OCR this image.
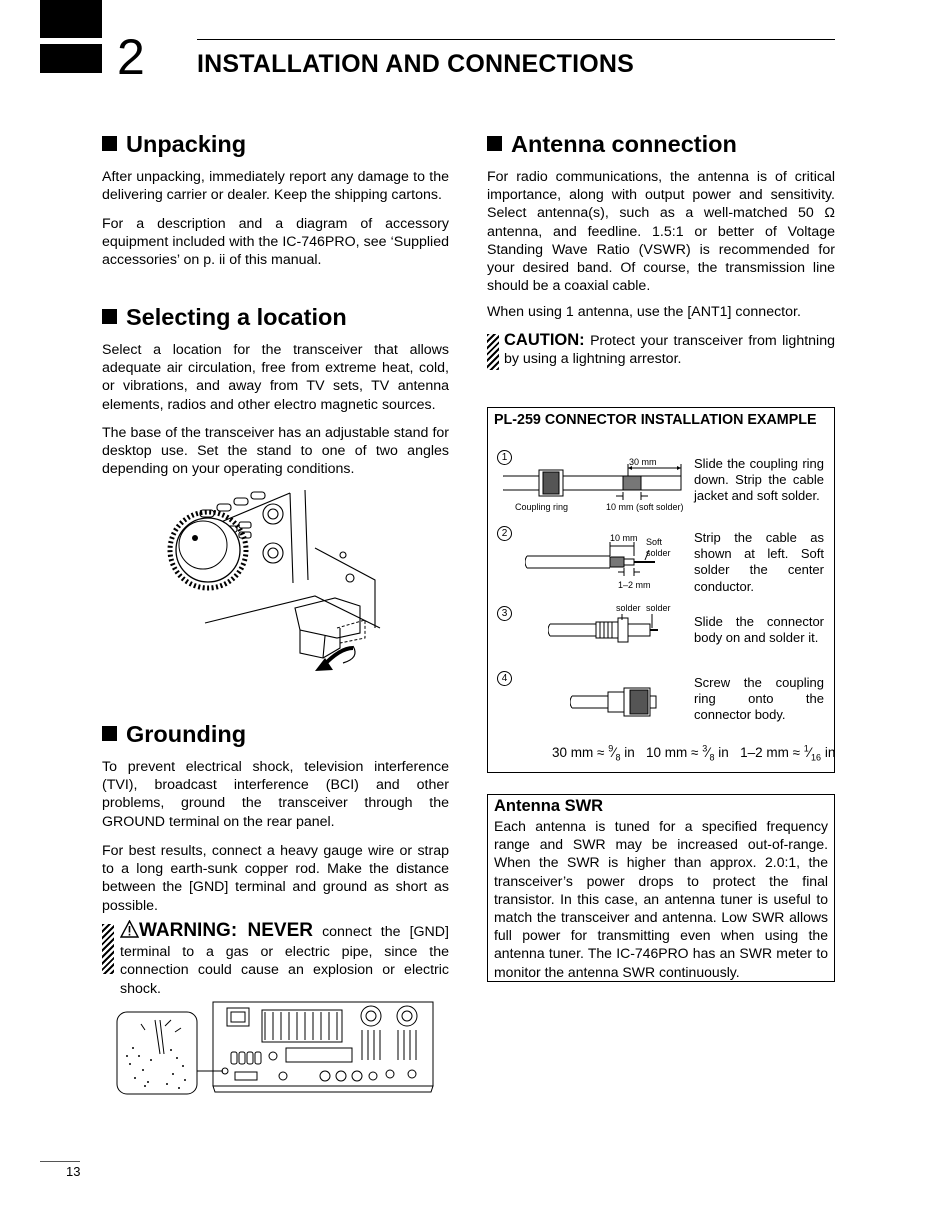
2 INSTALLATION AND CONNECTIONS
Unpacking
After unpacking, immediately report any damage to the delivering carrier or dealer. Keep the shipping cartons.
For a description and a diagram of accessory equipment included with the IC-746PRO, see ‘Supplied accessories’ on p. ii of this manual.
Selecting a location
Select a location for the transceiver that allows adequate air circulation, free from extreme heat, cold, or vibrations, and away from TV sets, TV antenna elements, radios and other electro magnetic sources.
The base of the transceiver has an adjustable stand for desktop use. Set the stand to one of two angles depending on your operating conditions.
Grounding
To prevent electrical shock, television interference (TVI), broadcast interference (BCI) and other problems, ground the transceiver through the GROUND terminal on the rear panel.
For best results, connect a heavy gauge wire or strap to a long earth-sunk copper rod. Make the distance between the [GND] terminal and ground as short as possible.
WARNING: NEVER connect the [GND] terminal to a gas or electric pipe, since the connection could cause an explosion or electric shock.
Antenna connection
For radio communications, the antenna is of critical importance, along with output power and sensitivity. Select antenna(s), such as a well-matched 50 Ω antenna, and feedline. 1.5:1 or better of Voltage Standing Wave Ratio (VSWR) is recommended for your desired band. Of course, the transmission line should be a coaxial cable.
When using 1 antenna, use the [ANT1] connector.
CAUTION: Protect your transceiver from lightning by using a lightning arrestor.
PL-259 CONNECTOR INSTALLATION EXAMPLE
1
2
3
4
Slide the coupling ring down. Strip the cable jacket and soft solder.
Strip the cable as shown at left. Soft solder the center conductor.
Slide the connector body on and solder it.
Screw the coupling ring onto the connector body.
30 mm
Coupling ring	10 mm (soft solder)
10 mm Soft
solder
1–2 mm
solder solder
30 mm ≈ $^9⁄_8$ in 10 mm ≈ $^3⁄_8$ in 1–2 mm ≈ $^1⁄_{16}$ in
Antenna SWR
Each antenna is tuned for a specified frequency range and SWR may be increased out-of-range. When the SWR is higher than approx. 2.0:1, the transceiver’s power drops to protect the final transistor. In this case, an antenna tuner is useful to match the transceiver and antenna. Low SWR allows full power for transmitting even when using the antenna tuner. The IC-746PRO has an SWR meter to monitor the antenna SWR continuously.
13
